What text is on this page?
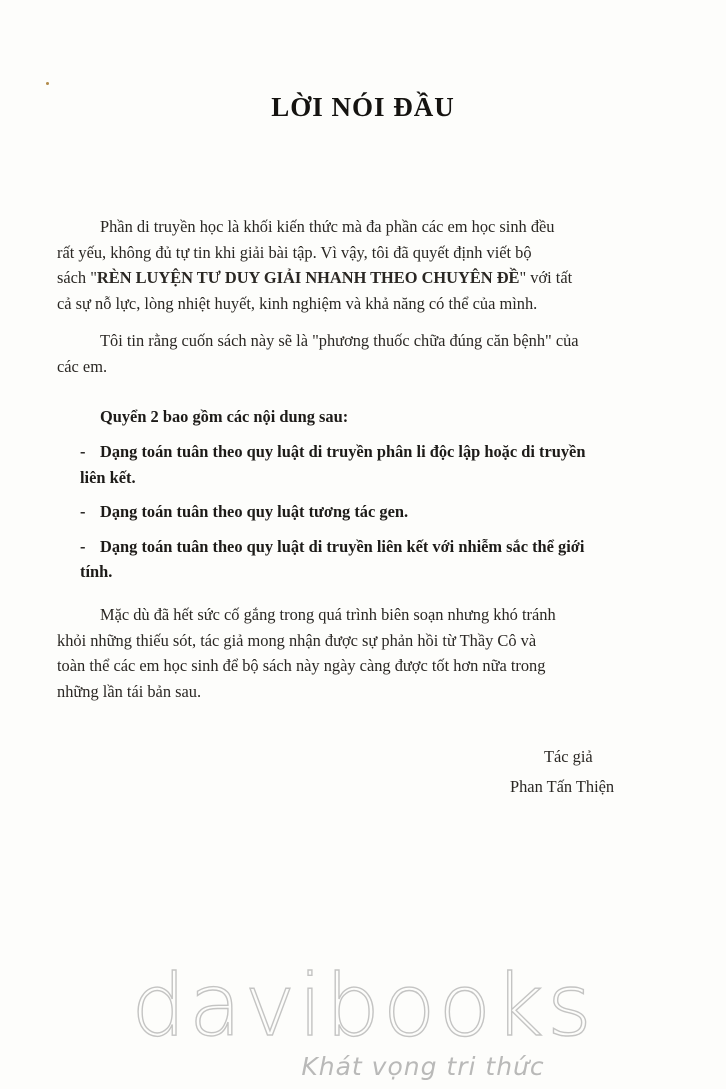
LỜI NÓI ĐẦU
Phần di truyền học là khối kiến thức mà đa phần các em học sinh đều
rất yếu, không đủ tự tin khi giải bài tập. Vì vậy, tôi đã quyết định viết bộ
sách "RÈN LUYỆN TƯ DUY GIẢI NHANH THEO CHUYÊN ĐỀ" với tất
cả sự nỗ lực, lòng nhiệt huyết, kinh nghiệm và khả năng có thể của mình.
Tôi tin rằng cuốn sách này sẽ là "phương thuốc chữa đúng căn bệnh" của
các em.
Quyển 2 bao gồm các nội dung sau:
- Dạng toán tuân theo quy luật di truyền phân li độc lập hoặc di truyền
liên kết.
- Dạng toán tuân theo quy luật tương tác gen.
- Dạng toán tuân theo quy luật di truyền liên kết với nhiễm sắc thể giới
tính.
Mặc dù đã hết sức cố gắng trong quá trình biên soạn nhưng khó tránh
khỏi những thiếu sót, tác giả mong nhận được sự phản hồi từ Thầy Cô và
toàn thể các em học sinh để bộ sách này ngày càng được tốt hơn nữa trong
những lần tái bản sau.
Tác giả
Phan Tấn Thiện
davibooks
Khát vọng tri thức
